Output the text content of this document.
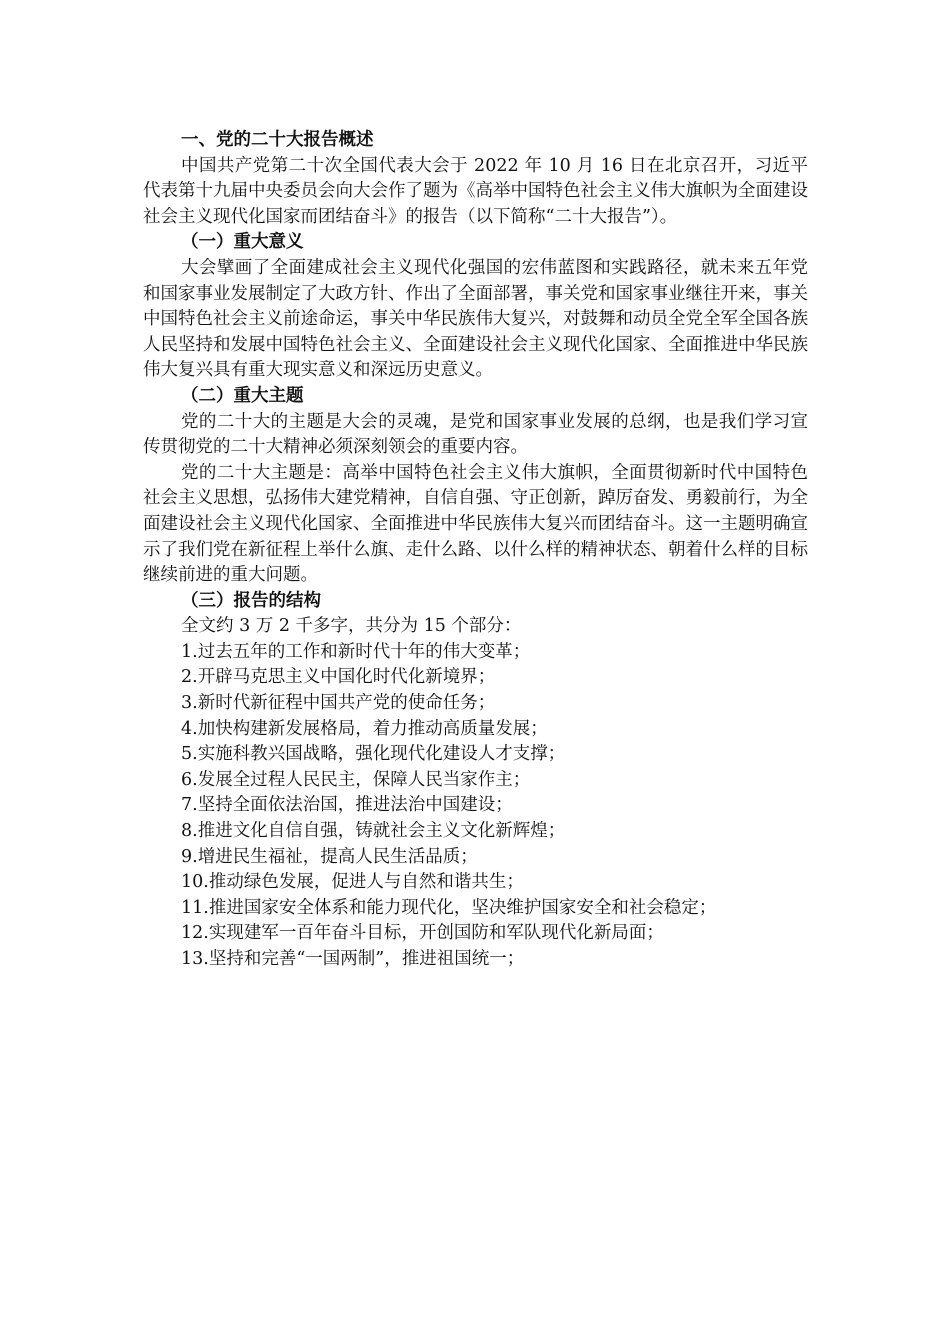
一、党的二十大报告概述

中国共产党第二十次全国代表大会于 2022 年 10 月 16 日在北京召开，习近平代表第十九届中央委员会向大会作了题为《高举中国特色社会主义伟大旗帜为全面建设社会主义现代化国家而团结奋斗》的报告（以下简称“二十大报告”）。

（一）重大意义

大会擘画了全面建成社会主义现代化强国的宏伟蓝图和实践路径，就未来五年党和国家事业发展制定了大政方针、作出了全面部署，事关党和国家事业继往开来，事关中国特色社会主义前途命运，事关中华民族伟大复兴，对鼓舞和动员全党全军全国各族人民坚持和发展中国特色社会主义、全面建设社会主义现代化国家、全面推进中华民族伟大复兴具有重大现实意义和深远历史意义。

（二）重大主题

党的二十大的主题是大会的灵魂，是党和国家事业发展的总纲，也是我们学习宣传贯彻党的二十大精神必须深刻领会的重要内容。

党的二十大主题是：高举中国特色社会主义伟大旗帜，全面贯彻新时代中国特色社会主义思想，弘扬伟大建党精神，自信自强、守正创新，踔厉奋发、勇毅前行，为全面建设社会主义现代化国家、全面推进中华民族伟大复兴而团结奋斗。这一主题明确宣示了我们党在新征程上举什么旗、走什么路、以什么样的精神状态、朝着什么样的目标继续前进的重大问题。

（三）报告的结构

全文约 3 万 2 千多字，共分为 15 个部分：

1.过去五年的工作和新时代十年的伟大变革；

2.开辟马克思主义中国化时代化新境界；

3.新时代新征程中国共产党的使命任务；

4.加快构建新发展格局，着力推动高质量发展；

5.实施科教兴国战略，强化现代化建设人才支撑；

6.发展全过程人民民主，保障人民当家作主；

7.坚持全面依法治国，推进法治中国建设；

8.推进文化自信自强，铸就社会主义文化新辉煌；

9.增进民生福祉，提高人民生活品质；

10.推动绿色发展，促进人与自然和谐共生；

11.推进国家安全体系和能力现代化，坚决维护国家安全和社会稳定；

12.实现建军一百年奋斗目标，开创国防和军队现代化新局面；

13.坚持和完善“一国两制”，推进祖国统一；
